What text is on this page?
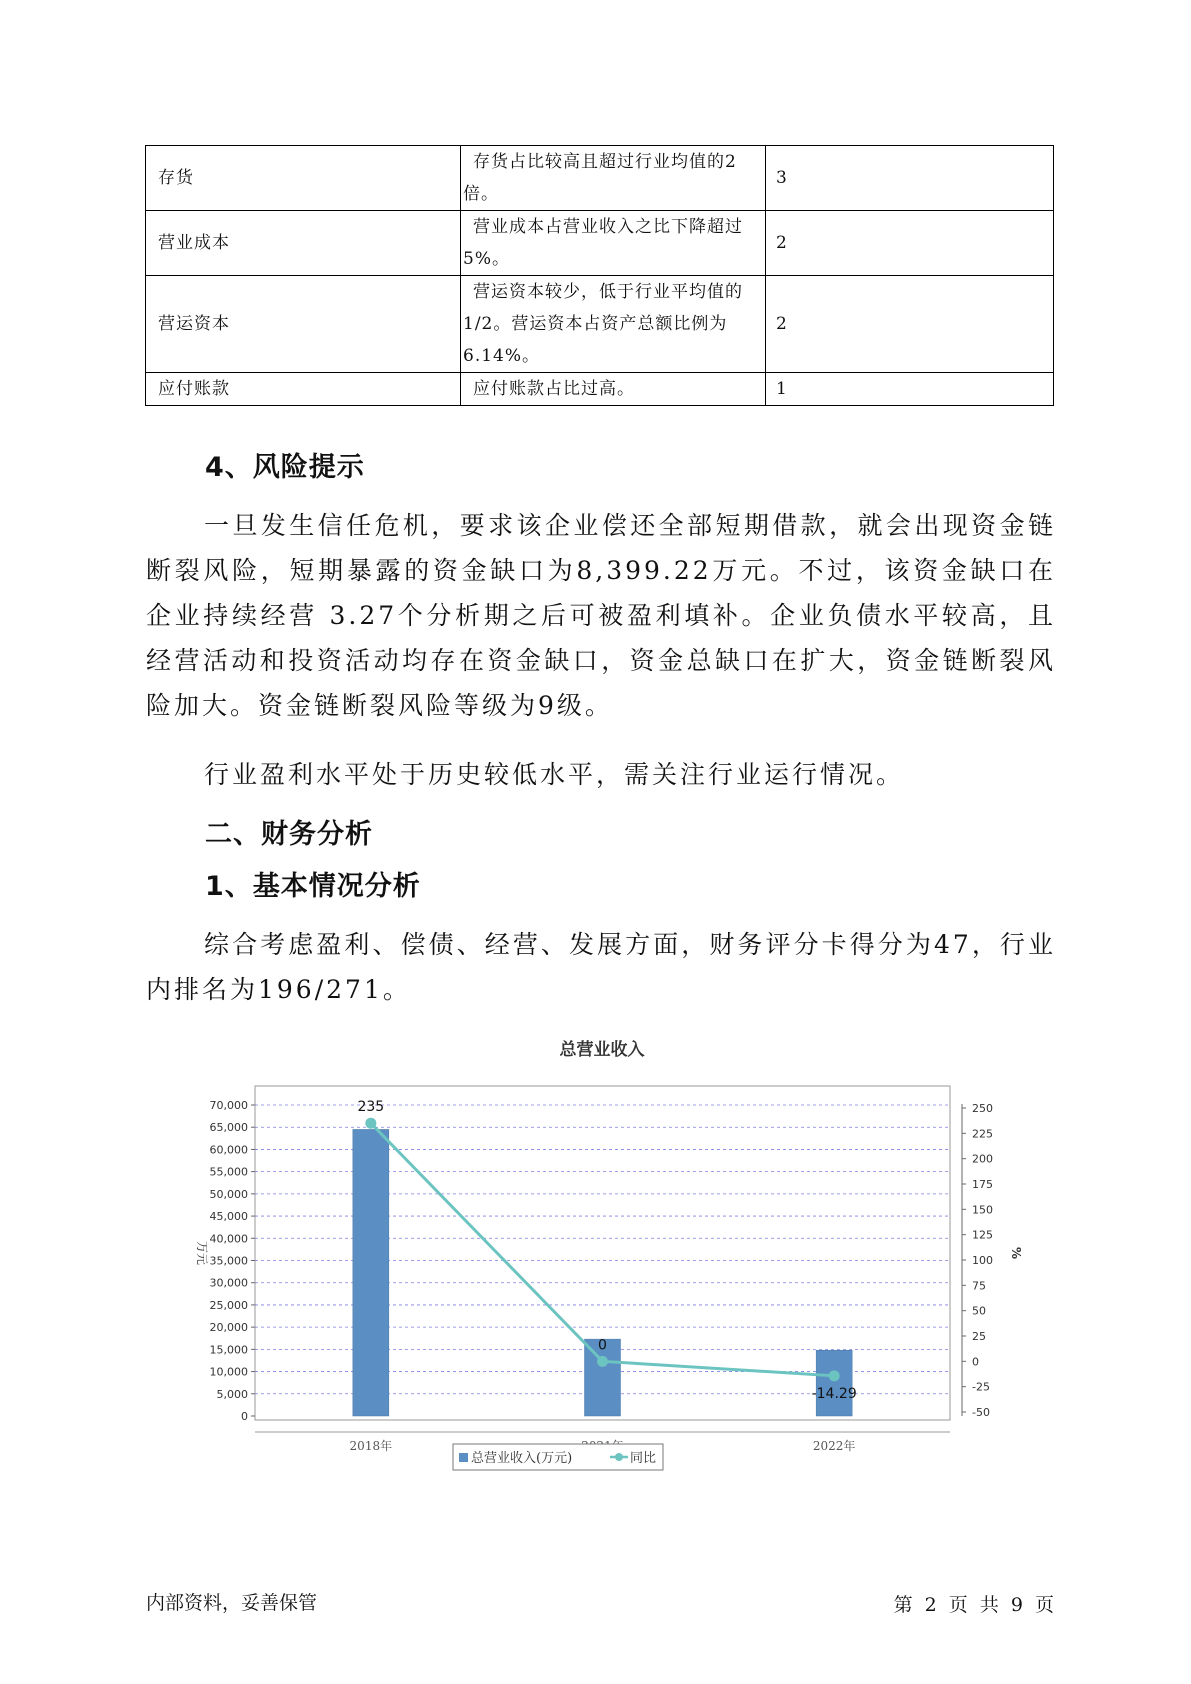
存货	存货占比较高且超过行业均值的2倍。	3
营业成本	营业成本占营业收入之比下降超过5%。	2
营运资本	营运资本较少，低于行业平均值的1/2。营运资本占资产总额比例为6.14%。	2
应付账款	应付账款占比过高。	1
4、风险提示

一旦发生信任危机，要求该企业偿还全部短期借款，就会出现资金链断裂风险，短期暴露的资金缺口为8,399.22万元。不过，该资金缺口在企业持续经营 3.27个分析期之后可被盈利填补。企业负债水平较高，且经营活动和投资活动均存在资金缺口，资金总缺口在扩大，资金链断裂风险加大。资金链断裂风险等级为9级。

行业盈利水平处于历史较低水平，需关注行业运行情况。

二、财务分析
1、基本情况分析

综合考虑盈利、偿债、经营、发展方面，财务评分卡得分为47，行业内排名为196/271。

总营业收入
0
5,000
10,000
15,000
20,000
25,000
30,000
35,000
40,000
45,000
50,000
55,000
60,000
65,000
70,000
-50
-25
0
25
50
75
100
125
150
175
200
225
250
万元	%
2018年	2022年
235
0
-14.29
总营业收入(万元)	同比
内部资料，妥善保管	第 2 页 共 9 页
